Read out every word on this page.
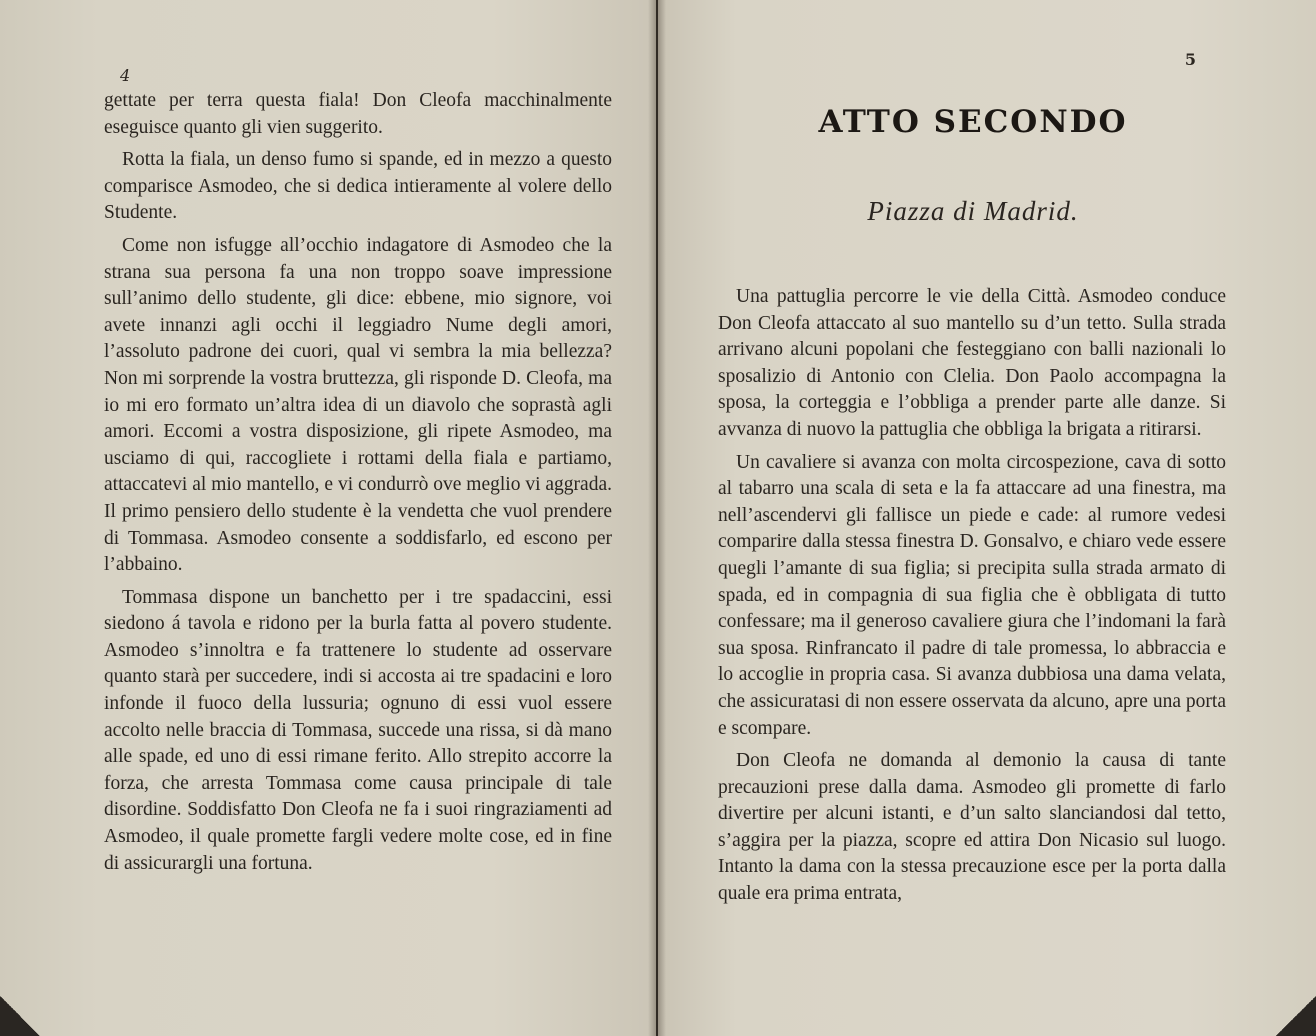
4

gettate per terra questa fiala! Don Cleofa macchinalmente eseguisce quanto gli vien suggerito.

Rotta la fiala, un denso fumo si spande, ed in mezzo a questo comparisce Asmodeo, che si dedica intieramente al volere dello Studente.

Come non isfugge all’occhio indagatore di Asmodeo che la strana sua persona fa una non troppo soave impressione sull’animo dello studente, gli dice: ebbene, mio signore, voi avete innanzi agli occhi il leggiadro Nume degli amori, l’assoluto padrone dei cuori, qual vi sembra la mia bellezza? Non mi sorprende la vostra bruttezza, gli risponde D. Cleofa, ma io mi ero formato un’altra idea di un diavolo che soprastà agli amori. Eccomi a vostra disposizione, gli ripete Asmodeo, ma usciamo di qui, raccogliete i rottami della fiala e partiamo, attaccatevi al mio mantello, e vi condurrò ove meglio vi aggrada. Il primo pensiero dello studente è la vendetta che vuol prendere di Tommasa. Asmodeo consente a soddisfarlo, ed escono per l’abbaino.

Tommasa dispone un banchetto per i tre spadaccini, essi siedono á tavola e ridono per la burla fatta al povero studente. Asmodeo s’innoltra e fa trattenere lo studente ad osservare quanto starà per succedere, indi si accosta ai tre spadacini e loro infonde il fuoco della lussuria; ognuno di essi vuol essere accolto nelle braccia di Tommasa, succede una rissa, si dà mano alle spade, ed uno di essi rimane ferito. Allo strepito accorre la forza, che arresta Tommasa come causa principale di tale disordine. Soddisfatto Don Cleofa ne fa i suoi ringraziamenti ad Asmodeo, il quale promette fargli vedere molte cose, ed in fine di assicurargli una fortuna.

5
ATTO SECONDO
Piazza di Madrid.

Una pattuglia percorre le vie della Città. Asmodeo conduce Don Cleofa attaccato al suo mantello su d’un tetto. Sulla strada arrivano alcuni popolani che festeggiano con balli nazionali lo sposalizio di Antonio con Clelia. Don Paolo accompagna la sposa, la corteggia e l’obbliga a prender parte alle danze. Si avvanza di nuovo la pattuglia che obbliga la brigata a ritirarsi.

Un cavaliere si avanza con molta circospezione, cava di sotto al tabarro una scala di seta e la fa attaccare ad una finestra, ma nell’ascendervi gli fallisce un piede e cade: al rumore vedesi comparire dalla stessa finestra D. Gonsalvo, e chiaro vede essere quegli l’amante di sua figlia; si precipita sulla strada armato di spada, ed in compagnia di sua figlia che è obbligata di tutto confessare; ma il generoso cavaliere giura che l’indomani la farà sua sposa. Rinfrancato il padre di tale promessa, lo abbraccia e lo accoglie in propria casa. Si avanza dubbiosa una dama velata, che assicuratasi di non essere osservata da alcuno, apre una porta e scompare.

Don Cleofa ne domanda al demonio la causa di tante precauzioni prese dalla dama. Asmodeo gli promette di farlo divertire per alcuni istanti, e d’un salto slanciandosi dal tetto, s’aggira per la piazza, scopre ed attira Don Nicasio sul luogo. Intanto la dama con la stessa precauzione esce per la porta dalla quale era prima entrata,
